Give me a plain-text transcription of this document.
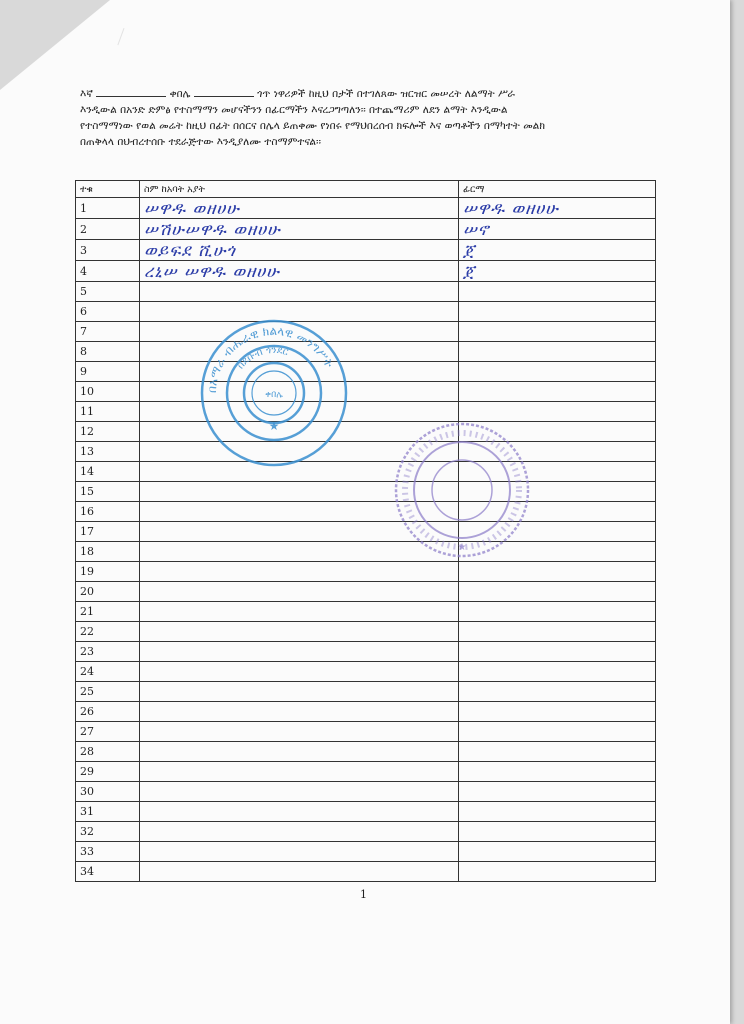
እኛ	ቀበሌ	ጎጥ ነዋሪዎች ከዚህ በታች በተገለጸው ዝርዝር መሠረት ለልማት ሥራ
እንዲውል በአንድ ድምፅ የተስማማን መሆናችንን በፊርማችን እናረጋግጣለን፡፡ በተጨማሪም ለደን ልማት እንዲውል
የተስማማነው የወል መሬት ከዚህ በፊት በሰርና በሌላ ይጠቀሙ የነበሩ የማህበረሰብ ክፍሎች እና ወጣቶችን በማካተት መልክ
በጠቅላላ በህብረተሰቡ ተደራጅተው እንዲያለሙ ተስማምተናል፡፡
ተቁ	ስም ከአባት አያት	ፊርማ
1	ሠዋዱ ወዘሀሁ	ሠዋዱ ወዘሀሁ
2	ሠሽሁሠዋዱ ወዘሀሁ	ሠኖ
3	ወይፍደ ሺሁጎ	ጀ
4	ረኒሠ ሠዋዱ ወዘሀሁ	ጀ
5		
6		
7		
8		
9		
10		
11		
12		
13		
14		
15		
16		
17		
18		
19		
20		
21		
22		
23		
24		
25		
26		
27		
28		
29		
30		
31		
32		
33		
34		
በአማራ ብሔራዊ ክልላዊ መንግሥት
በደቡብ ጎንደር
ቀበሌ
★
★
1
